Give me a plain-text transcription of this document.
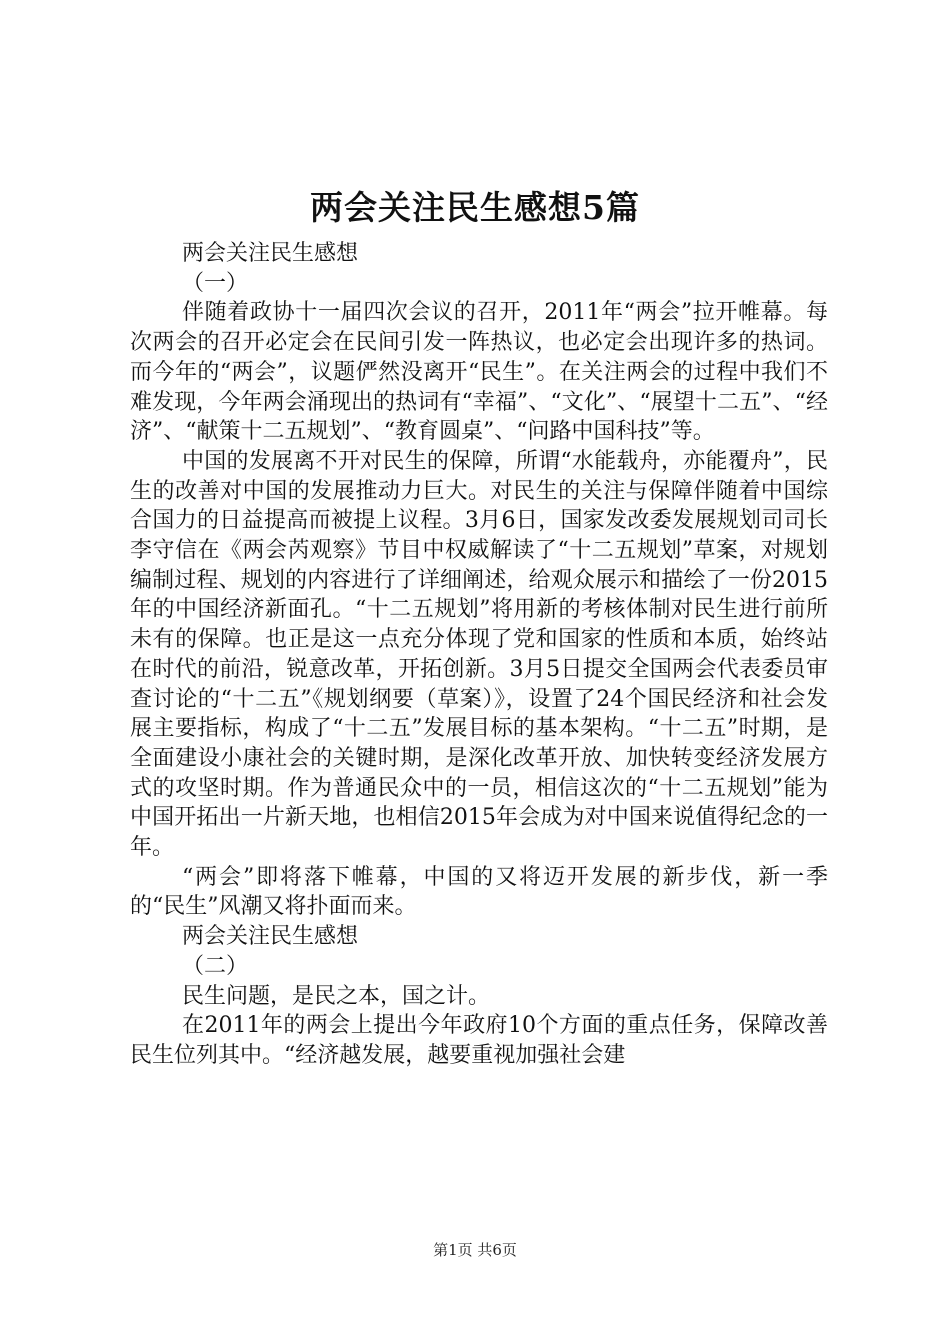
两会关注民生感想5篇

两会关注民生感想

（一）

伴随着政协十一届四次会议的召开，2011年“两会”拉开帷幕。每次两会的召开必定会在民间引发一阵热议，也必定会出现许多的热词。而今年的“两会”，议题俨然没离开“民生”。在关注两会的过程中我们不难发现，今年两会涌现出的热词有“幸福”、“文化”、“展望十二五”、“经济”、“献策十二五规划”、“教育圆桌”、“问路中国科技”等。

中国的发展离不开对民生的保障，所谓“水能载舟，亦能覆舟”，民生的改善对中国的发展推动力巨大。对民生的关注与保障伴随着中国综合国力的日益提高而被提上议程。3月6日，国家发改委发展规划司司长李守信在《两会芮观察》节目中权威解读了“十二五规划”草案，对规划编制过程、规划的内容进行了详细阐述，给观众展示和描绘了一份2015年的中国经济新面孔。“十二五规划”将用新的考核体制对民生进行前所未有的保障。也正是这一点充分体现了党和国家的性质和本质，始终站在时代的前沿，锐意改革，开拓创新。3月5日提交全国两会代表委员审查讨论的“十二五”《规划纲要（草案）》，设置了24个国民经济和社会发展主要指标，构成了“十二五”发展目标的基本架构。“十二五”时期，是全面建设小康社会的关键时期，是深化改革开放、加快转变经济发展方式的攻坚时期。作为普通民众中的一员，相信这次的“十二五规划”能为中国开拓出一片新天地，也相信2015年会成为对中国来说值得纪念的一年。

“两会”即将落下帷幕，中国的又将迈开发展的新步伐，新一季的“民生”风潮又将扑面而来。

两会关注民生感想

（二）

民生问题，是民之本，国之计。

在2011年的两会上提出今年政府10个方面的重点任务，保障改善民生位列其中。“经济越发展，越要重视加强社会建

第1页 共6页
